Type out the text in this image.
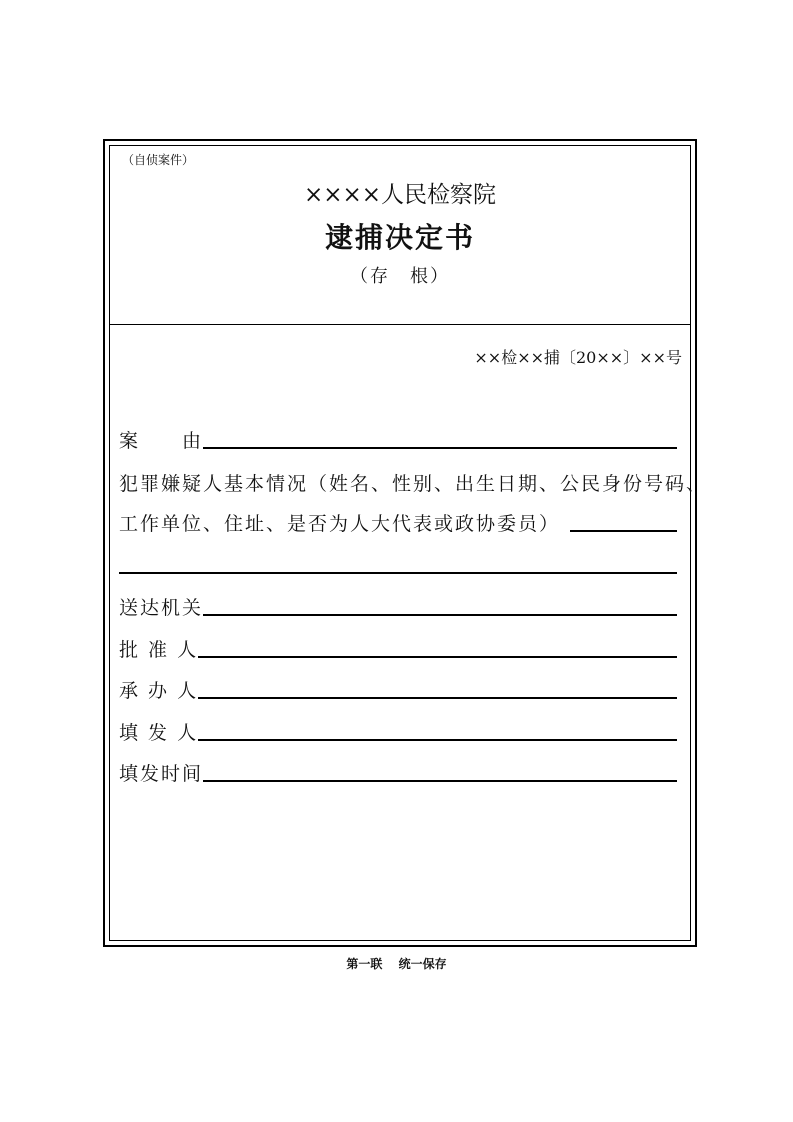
（自侦案件）
××××人民检察院
逮捕决定书
（存　根）
××检××捕〔20××〕××号
案　　由
犯罪嫌疑人基本情况（姓名、性别、出生日期、公民身份号码、
工作单位、住址、是否为人大代表或政协委员）
送达机关
批 准 人
承 办 人
填 发 人
填发时间
第一联　 统一保存
